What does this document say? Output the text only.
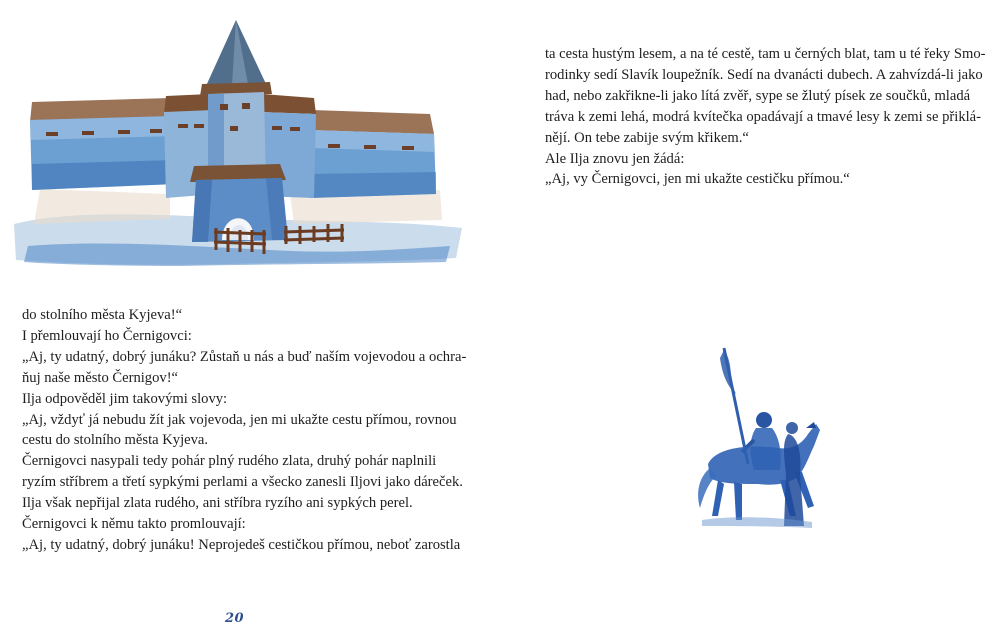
do stolního města Kyjeva!“

I přemlouvají ho Černigovci:

„Aj, ty udatný, dobrý junáku? Zůstaň u nás a buď naším vojevodou a ochra-

ňuj naše město Černigov!“

Ilja odpověděl jim takovými slovy:

„Aj, vždyť já nebudu žít jak vojevoda, jen mi ukažte cestu přímou, rovnou

cestu do stolního města Kyjeva.

Černigovci nasypali tedy pohár plný rudého zlata, druhý pohár naplnili

ryzím stříbrem a třetí sypkými perlami a všecko zanesli Iljovi jako dáreček.

Ilja však nepřijal zlata rudého, ani stříbra ryzího ani sypkých perel.

Černigovci k němu takto promlouvají:

„Aj, ty udatný, dobrý junáku! Neprojedeš cestičkou přímou, neboť zarostla

20

ta cesta hustým lesem, a na té cestě, tam u černých blat, tam u té řeky Smo-

rodinky sedí Slavík loupežník. Sedí na dvanácti dubech. A zahvízdá-li jako

had, nebo zakřikne-li jako lítá zvěř, sype se žlutý písek ze součků, mladá

tráva k zemi lehá, modrá kvítečka opadávají a tmavé lesy k zemi se přiklá-

nějí. On tebe zabije svým křikem.“

Ale Ilja znovu jen žádá:

„Aj, vy Černigovci, jen mi ukažte cestičku přímou.“
